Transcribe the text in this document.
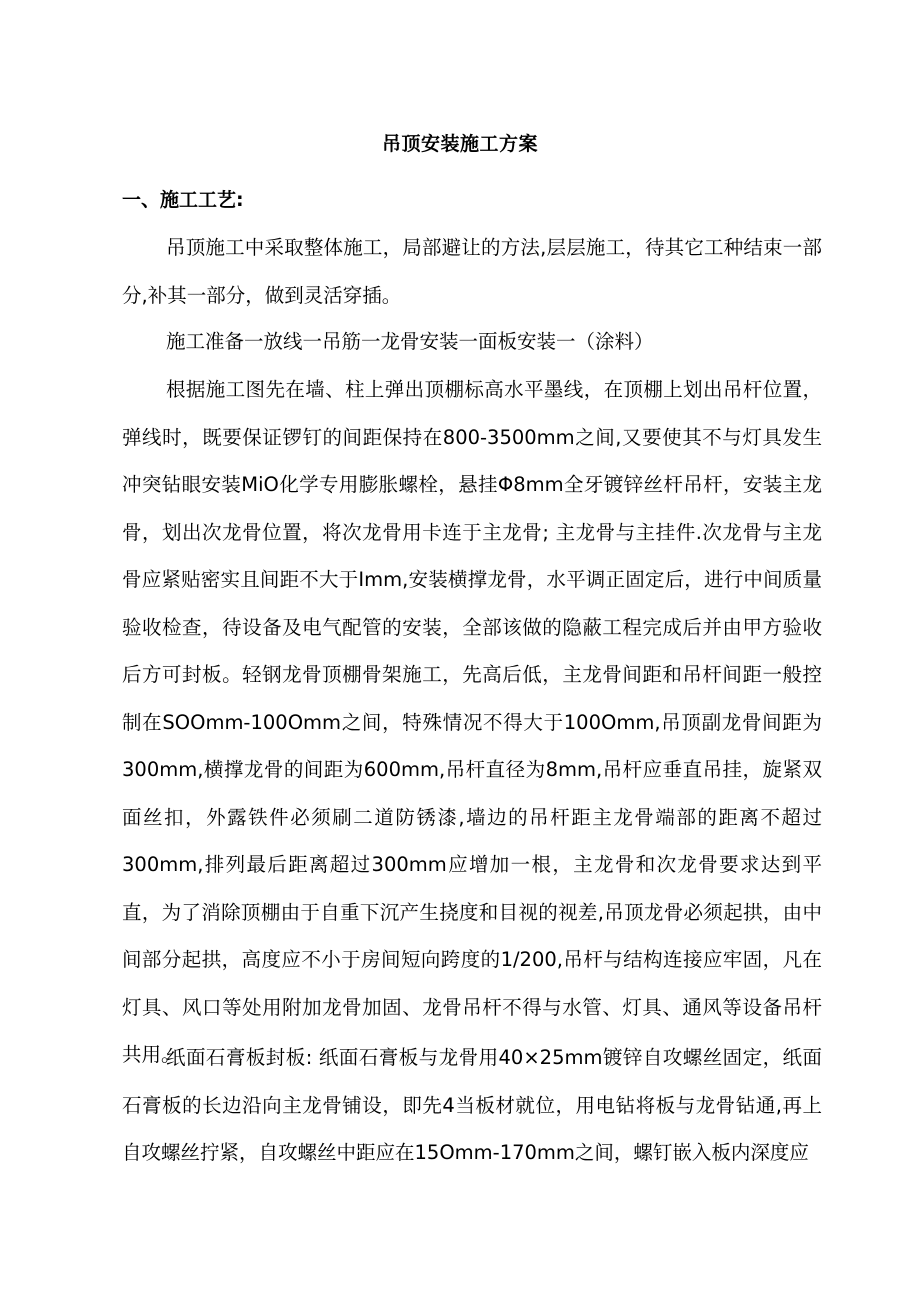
吊顶安装施工方案
一、施工工艺:
吊顶施工中采取整体施工，局部避让的方法,层层施工，待其它工种结束一部分,补其一部分，做到灵活穿插。
施工准备一放线一吊筋一龙骨安装一面板安装一（涂料）
根据施工图先在墙、柱上弹出顶棚标高水平墨线，在顶棚上划出吊杆位置，弹线时，既要保证锣钉的间距保持在800-3500mm之间,又要使其不与灯具发生冲突钻眼安装MiO化学专用膨胀螺栓，悬挂Φ8mm全牙镀锌丝杆吊杆，安装主龙骨，划出次龙骨位置，将次龙骨用卡连于主龙骨; 主龙骨与主挂件.次龙骨与主龙骨应紧贴密实且间距不大于Imm,安装横撑龙骨，水平调正固定后，进行中间质量验收检查，待设备及电气配管的安装，全部该做的隐蔽工程完成后并由甲方验收后方可封板。轻钢龙骨顶棚骨架施工，先高后低，主龙骨间距和吊杆间距一般控制在SOOmm-100Omm之间，特殊情况不得大于100Omm,吊顶副龙骨间距为300mm,横撑龙骨的间距为600mm,吊杆直径为8mm,吊杆应垂直吊挂，旋紧双面丝扣，外露铁件必须刷二道防锈漆,墙边的吊杆距主龙骨端部的距离不超过300mm,排列最后距离超过300mm应增加一根，主龙骨和次龙骨要求达到平直，为了消除顶棚由于自重下沉产生挠度和目视的视差,吊顶龙骨必须起拱，由中间部分起拱，高度应不小于房间短向跨度的1/200,吊杆与结构连接应牢固，凡在灯具、风口等处用附加龙骨加固、龙骨吊杆不得与水管、灯具、通风等设备吊杆共用。
纸面石膏板封板: 纸面石膏板与龙骨用40×25mm镀锌自攻螺丝固定，纸面石膏板的长边沿向主龙骨铺设，即先4当板材就位，用电钻将板与龙骨钻通,再上自攻螺丝拧紧，自攻螺丝中距应在15Omm-170mm之间，螺钉嵌入板内深度应
